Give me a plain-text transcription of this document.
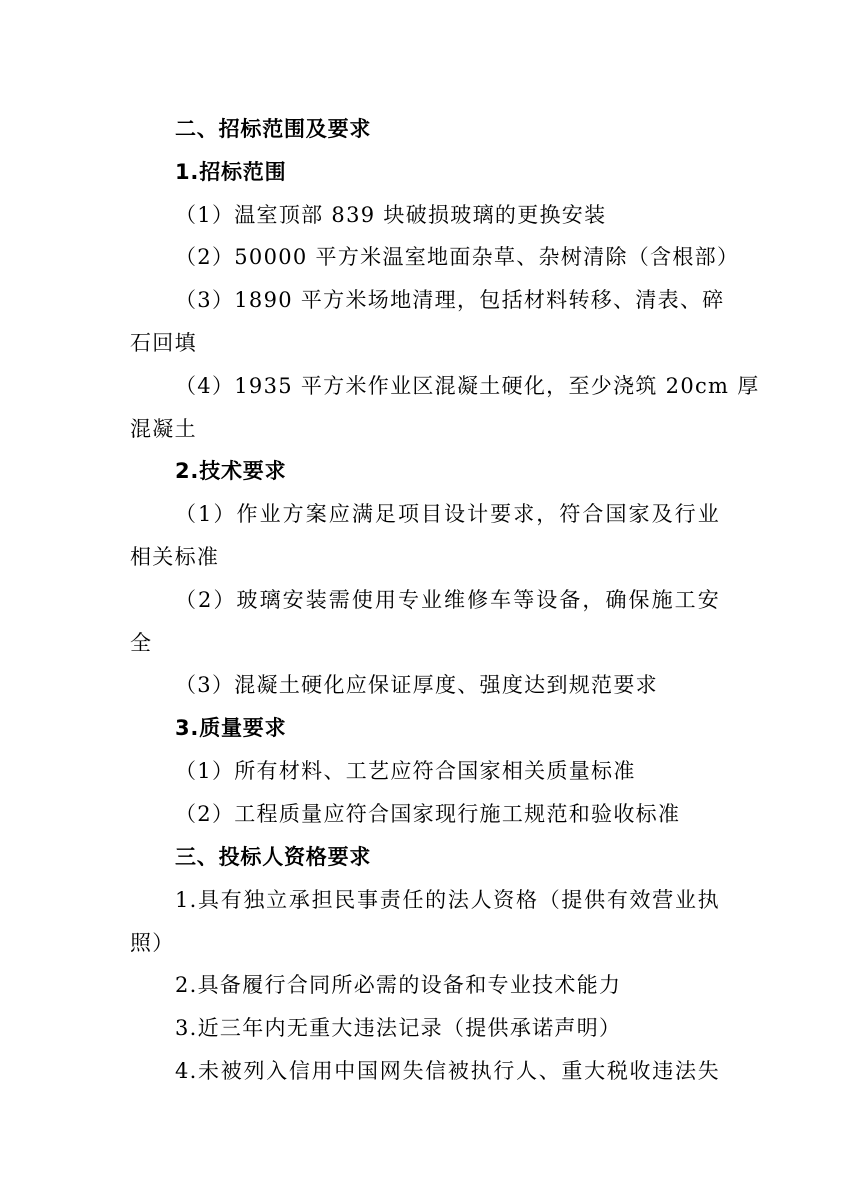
二、招标范围及要求
1.招标范围
（1）温室顶部 839 块破损玻璃的更换安装
（2）50000 平方米温室地面杂草、杂树清除（含根部）
（3）1890 平方米场地清理，包括材料转移、清表、碎
石回填
（4）1935 平方米作业区混凝土硬化，至少浇筑 20cm 厚
混凝土
2.技术要求
（1）作业方案应满足项目设计要求，符合国家及行业
相关标准
（2）玻璃安装需使用专业维修车等设备，确保施工安
全
（3）混凝土硬化应保证厚度、强度达到规范要求
3.质量要求
（1）所有材料、工艺应符合国家相关质量标准
（2）工程质量应符合国家现行施工规范和验收标准
三、投标人资格要求
1.具有独立承担民事责任的法人资格（提供有效营业执
照）
2.具备履行合同所必需的设备和专业技术能力
3.近三年内无重大违法记录（提供承诺声明）
4.未被列入信用中国网失信被执行人、重大税收违法失
